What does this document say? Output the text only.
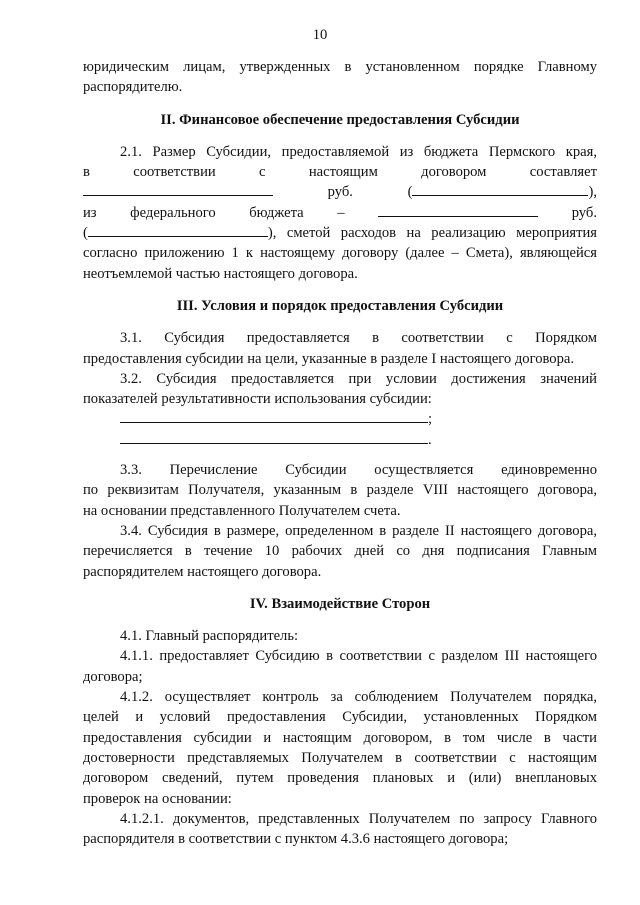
10

юридическим лицам, утвержденных в установленном порядке Главному

распорядителю.

II. Финансовое обеспечение предоставления Субсидии

2.1. Размер Субсидии, предоставляемой из бюджета Пермского края,

в	соответствии	с	настоящим	договором	составляет
руб.	(	),
из федерального бюджета –	руб.

(	), сметой расходов на реализацию мероприятия

согласно приложению 1 к настоящему договору (далее – Смета), являющейся

неотъемлемой частью настоящего договора.

III. Условия и порядок предоставления Субсидии

3.1. Субсидия предоставляется в соответствии с Порядком

предоставления субсидии на цели, указанные в разделе I настоящего договора.

3.2. Субсидия предоставляется при условии достижения значений

показателей результативности использования субсидии:

;
.

3.3. Перечисление Субсидии осуществляется единовременно

по реквизитам Получателя, указанным в разделе VIII настоящего договора,

на основании представленного Получателем счета.

3.4. Субсидия в размере, определенном в разделе II настоящего договора,

перечисляется в течение 10 рабочих дней со дня подписания Главным

распорядителем настоящего договора.

IV. Взаимодействие Сторон

4.1. Главный распорядитель:

4.1.1. предоставляет Субсидию в соответствии с разделом III настоящего

договора;

4.1.2. осуществляет контроль за соблюдением Получателем порядка,

целей и условий предоставления Субсидии, установленных Порядком

предоставления субсидии и настоящим договором, в том числе в части

достоверности представляемых Получателем в соответствии с настоящим

договором сведений, путем проведения плановых и (или) внеплановых

проверок на основании:

4.1.2.1. документов, представленных Получателем по запросу Главного

распорядителя в соответствии с пунктом 4.3.6 настоящего договора;
